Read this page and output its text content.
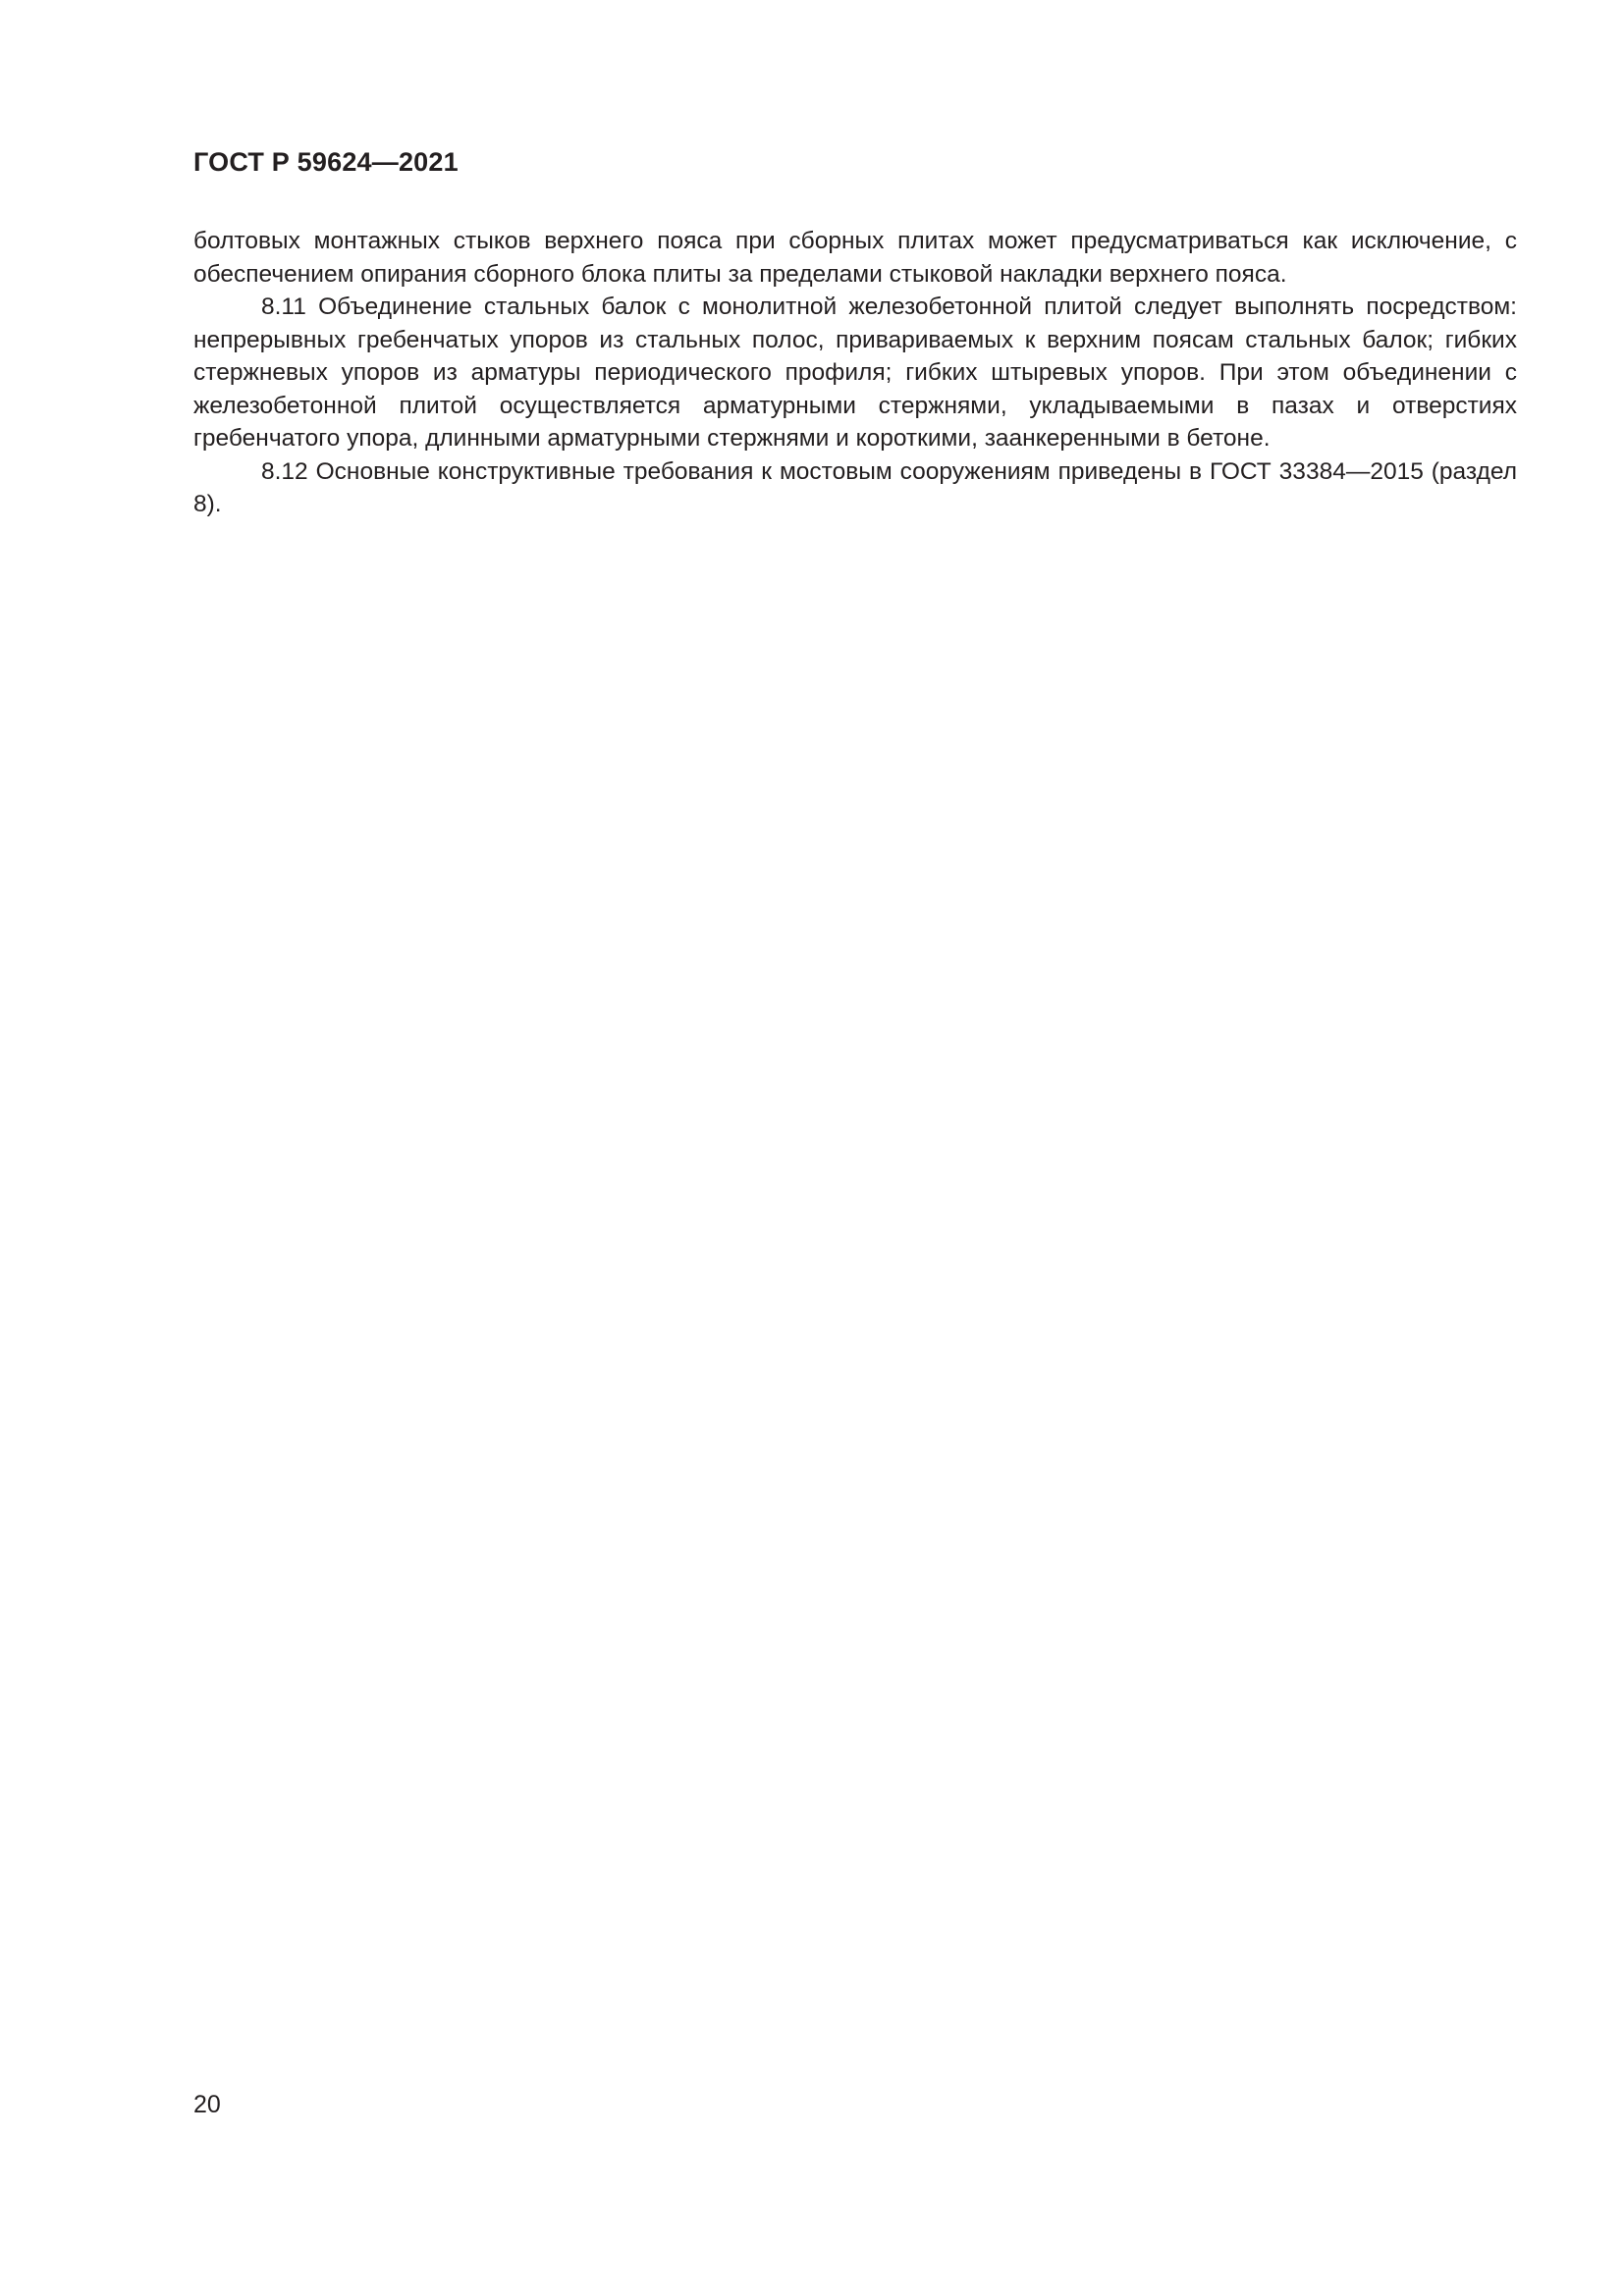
ГОСТ Р 59624—2021

болтовых монтажных стыков верхнего пояса при сборных плитах может предусматриваться как исключение, с обеспечением опирания сборного блока плиты за пределами стыковой накладки верхнего пояса.

8.11 Объединение стальных балок с монолитной железобетонной плитой следует выполнять посредством: непрерывных гребенчатых упоров из стальных полос, привариваемых к верхним поясам стальных балок; гибких стержневых упоров из арматуры периодического профиля; гибких штыревых упоров. При этом объединении с железобетонной плитой осуществляется арматурными стержнями, укладываемыми в пазах и отверстиях гребенчатого упора, длинными арматурными стержнями и короткими, заанкеренными в бетоне.

8.12 Основные конструктивные требования к мостовым сооружениям приведены в ГОСТ 33384—2015 (раздел 8).

20
